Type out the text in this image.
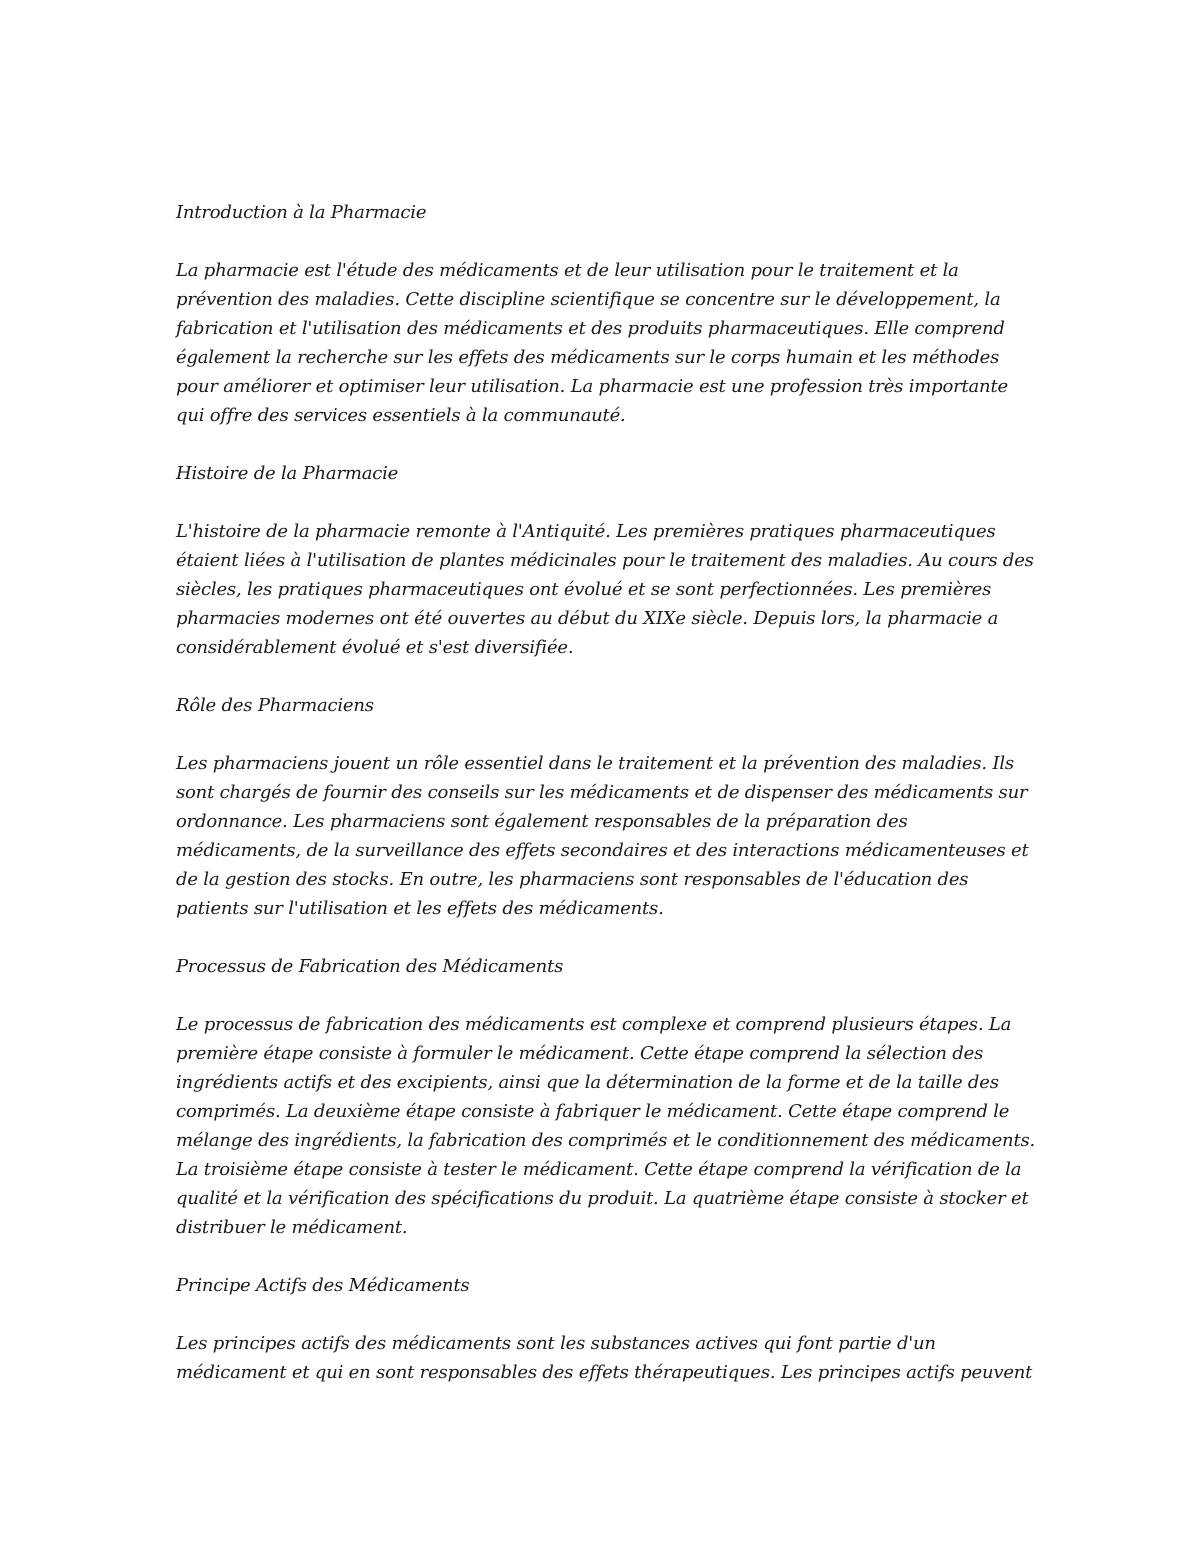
Introduction à la Pharmacie

La pharmacie est l'étude des médicaments et de leur utilisation pour le traitement et la prévention des maladies. Cette discipline scientifique se concentre sur le développement, la fabrication et l'utilisation des médicaments et des produits pharmaceutiques. Elle comprend également la recherche sur les effets des médicaments sur le corps humain et les méthodes pour améliorer et optimiser leur utilisation. La pharmacie est une profession très importante qui offre des services essentiels à la communauté.

Histoire de la Pharmacie

L'histoire de la pharmacie remonte à l'Antiquité. Les premières pratiques pharmaceutiques étaient liées à l'utilisation de plantes médicinales pour le traitement des maladies. Au cours des siècles, les pratiques pharmaceutiques ont évolué et se sont perfectionnées. Les premières pharmacies modernes ont été ouvertes au début du XIXe siècle. Depuis lors, la pharmacie a considérablement évolué et s'est diversifiée.

Rôle des Pharmaciens

Les pharmaciens jouent un rôle essentiel dans le traitement et la prévention des maladies. Ils sont chargés de fournir des conseils sur les médicaments et de dispenser des médicaments sur ordonnance. Les pharmaciens sont également responsables de la préparation des médicaments, de la surveillance des effets secondaires et des interactions médicamenteuses et de la gestion des stocks. En outre, les pharmaciens sont responsables de l'éducation des patients sur l'utilisation et les effets des médicaments.

Processus de Fabrication des Médicaments

Le processus de fabrication des médicaments est complexe et comprend plusieurs étapes. La première étape consiste à formuler le médicament. Cette étape comprend la sélection des ingrédients actifs et des excipients, ainsi que la détermination de la forme et de la taille des comprimés. La deuxième étape consiste à fabriquer le médicament. Cette étape comprend le mélange des ingrédients, la fabrication des comprimés et le conditionnement des médicaments. La troisième étape consiste à tester le médicament. Cette étape comprend la vérification de la qualité et la vérification des spécifications du produit. La quatrième étape consiste à stocker et distribuer le médicament.

Principe Actifs des Médicaments

Les principes actifs des médicaments sont les substances actives qui font partie d'un médicament et qui en sont responsables des effets thérapeutiques. Les principes actifs peuvent
